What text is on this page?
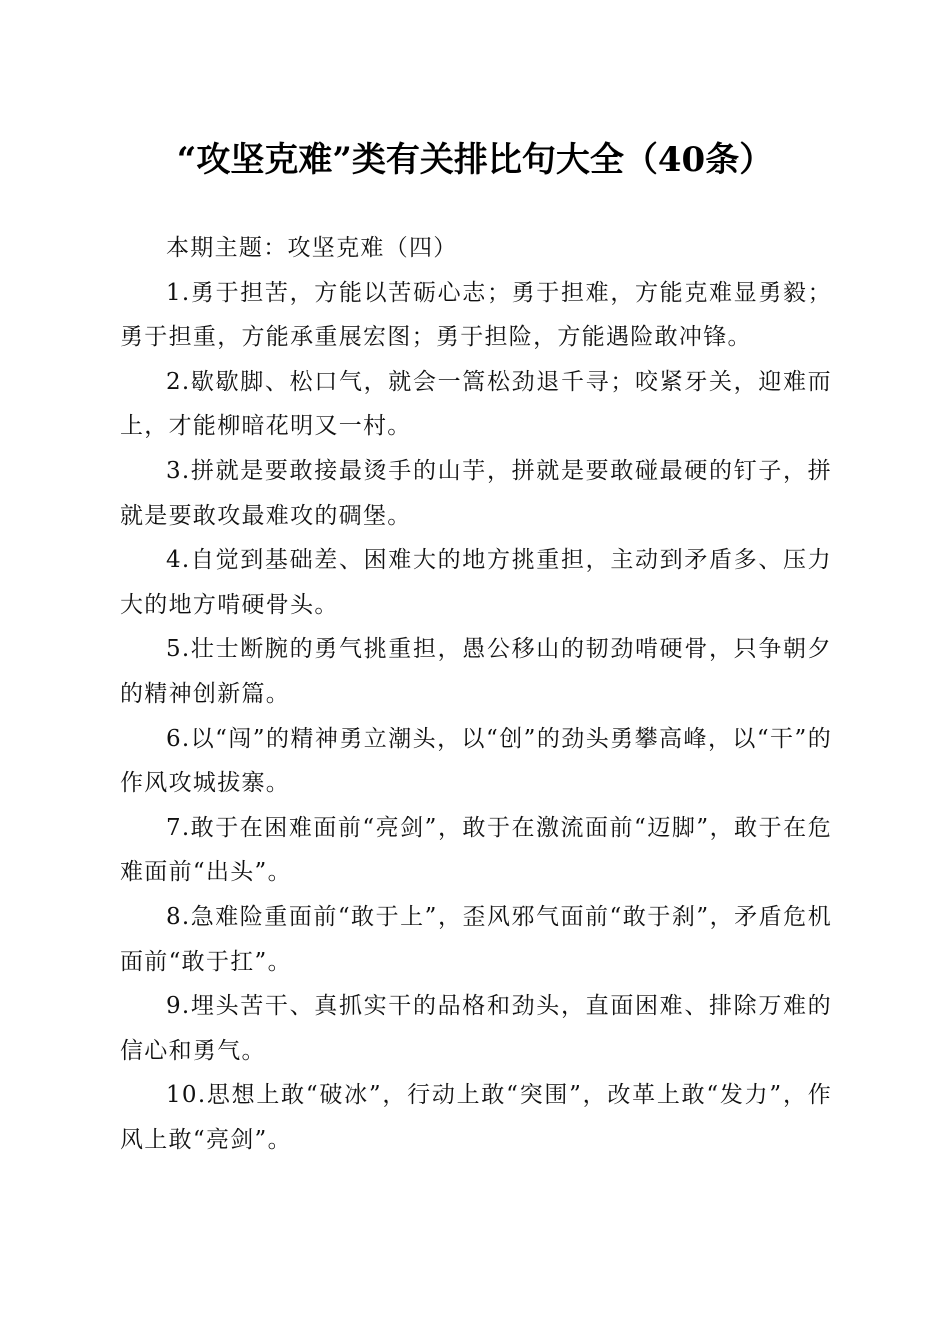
“攻坚克难”类有关排比句大全（40条）

本期主题：攻坚克难（四）

1.勇于担苦，方能以苦砺心志；勇于担难，方能克难显勇毅；勇于担重，方能承重展宏图；勇于担险，方能遇险敢冲锋。

2.歇歇脚、松口气，就会一篙松劲退千寻；咬紧牙关，迎难而上，才能柳暗花明又一村。

3.拼就是要敢接最烫手的山芋，拼就是要敢碰最硬的钉子，拼就是要敢攻最难攻的碉堡。

4.自觉到基础差、困难大的地方挑重担，主动到矛盾多、压力大的地方啃硬骨头。

5.壮士断腕的勇气挑重担，愚公移山的韧劲啃硬骨，只争朝夕的精神创新篇。

6.以“闯”的精神勇立潮头，以“创”的劲头勇攀高峰，以“干”的作风攻城拔寨。

7.敢于在困难面前“亮剑”，敢于在激流面前“迈脚”，敢于在危难面前“出头”。

8.急难险重面前“敢于上”，歪风邪气面前“敢于刹”，矛盾危机面前“敢于扛”。

9.埋头苦干、真抓实干的品格和劲头，直面困难、排除万难的信心和勇气。

10.思想上敢“破冰”，行动上敢“突围”，改革上敢“发力”，作风上敢“亮剑”。
